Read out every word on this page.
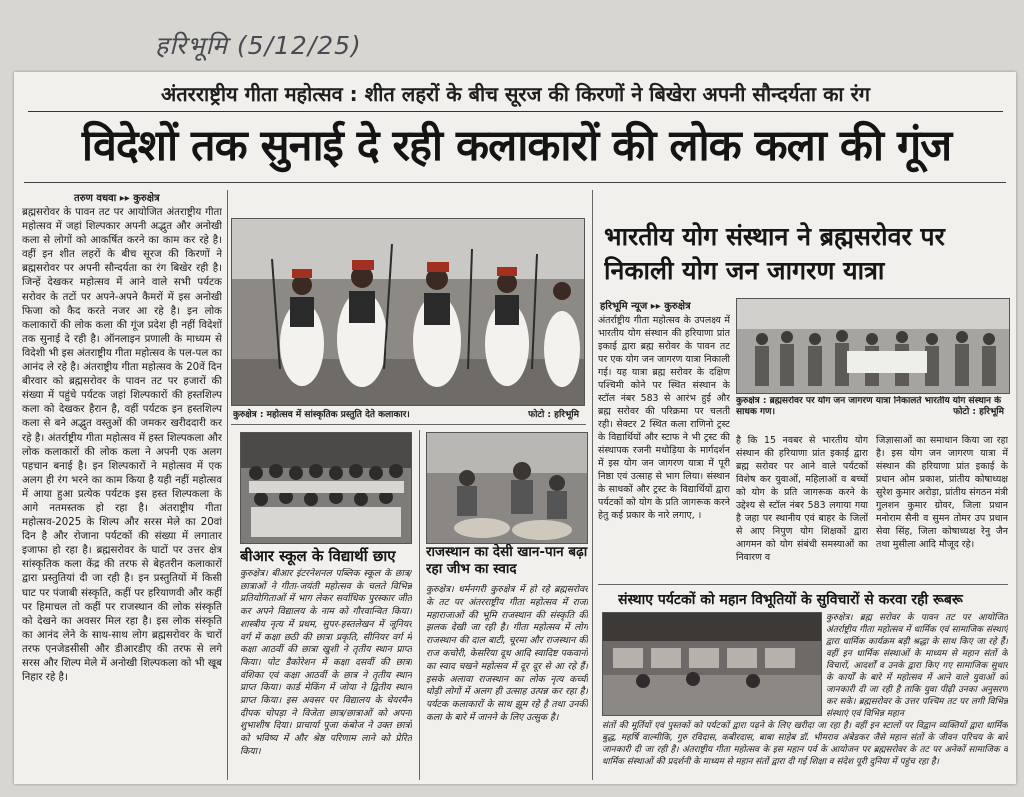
हरिभूमि (5/12/25)
अंतरराष्ट्रीय गीता महोत्सव : शीत लहरों के बीच सूरज की किरणों ने बिखेरा अपनी सौन्दर्यता का रंग
विदेशों तक सुनाई दे रही कलाकारों की लोक कला की गूंज
तरुण वधवा ▸▸ कुरुक्षेत्र
ब्रह्मसरोवर के पावन तट पर आयोजित अंतराष्ट्रीय गीता महोत्सव में जहां शिल्पकार अपनी अद्भुत और अनोखी कला से लोगों को आकर्षित करने का काम कर रहे है। वहीं इन शीत लहरों के बीच सूरज की किरणों ने ब्रह्मसरोवर पर अपनी सौन्दर्यता का रंग बिखेर रही है। जिन्हें देखकर महोत्सव में आने वाले सभी पर्यटक सरोवर के तटों पर अपने-अपने कैमरों में इस अनोखी फिजा को कैद करते नजर आ रहे है। इन लोक कलाकारों की लोक कला की गूंज प्रदेश ही नहीं विदेशों तक सुनाई दे रही है। ऑनलाइन प्रणाली के माध्यम से विदेशी भी इस अंतराष्ट्रीय गीता महोत्सव के पल-पल का आनंद ले रहे है। अंतराष्ट्रीय गीता महोत्सव के 20वें दिन बीरवार को ब्रह्मसरोवर के पावन तट पर हजारों की संख्या में पहुंचे पर्यटक जहां शिल्पकारों की हस्तशिल्प कला को देखकर हैरान है, वहीं पर्यटक इन हस्तशिल्प कला से बने अद्भुत वस्तुओं की जमकर खरीददारी कर रहे है। अंतर्राष्ट्रीय गीता महोत्सव में हस्त शिल्पकला और लोक कलाकारों की लोक कला ने अपनी एक अलग पहचान बनाई है। इन शिल्पकारों ने महोत्सव में एक अलग ही रंग भरने का काम किया है यही नहीं महोत्सव में आया हुआ प्रत्येक पर्यटक इस हस्त शिल्पकला के आगे नतमस्तक हो रहा है। अंतराष्ट्रीय गीता महोत्सव-2025 के शिल्प और सरस मेले का 20वां दिन है और रोजाना पर्यटकों की संख्या में लगातार इजाफा हो रहा है। ब्रह्मसरोवर के घाटों पर उत्तर क्षेत्र सांस्कृतिक कला केंद्र की तरफ से बेहतरीन कलाकारों द्वारा प्रस्तुतियां दी जा रही है। इन प्रस्तुतियों में किसी घाट पर पंजाबी संस्कृति, कहीं पर हरियाणवी और कहीं पर हिमाचल तो कहीं पर राजस्थान की लोक संस्कृति को देखने का अवसर मिल रहा है। इस लोक संस्कृति का आनंद लेने के साथ-साथ लोग ब्रह्मसरोवर के चारों तरफ एनजेडसीसी और डीआरडीए की तरफ से लगे सरस और शिल्प मेले में अनोखी शिल्पकला को भी खूब निहार रहे है।
कुरुक्षेत्र : महोत्सव में सांस्कृतिक प्रस्तुति देते कलाकार।	फोटो : हरिभूमि
बीआर स्कूल के विद्यार्थी छाए
कुरुक्षेत्र। बीआर इंटरनेशनल पब्लिक स्कूल के छात्र/छात्राओं ने गीता-जयंती महोत्सव के चलते विभिन्न प्रतियोगिताओं में भाग लेकर सर्वाधिक पुरस्कार जीत कर अपने विद्यालय के नाम को गौरवान्वित किया। शास्त्रीय नृत्य में प्रथम, सुपर-हस्तलेखन में जूनियर वर्ग में कक्षा छठी की छात्रा प्रकृति, सीनियर वर्ग में कक्षा आठवीं की छात्रा खुशी ने तृतीय स्थान प्राप्त किया। पोट डैकोरेशन में कक्षा दसवीं की छात्रा वंशिका एवं कक्षा आठवीं के छात्र ने तृतीय स्थान प्राप्त किया। कार्ड मेकिंग में जोया ने द्वितीय स्थान प्राप्त किया। इस अवसर पर विद्यालय के चेयरमैन दीपक चोपड़ा ने विजेता छात्र/छात्राओं को अपना शुभाशीष दिया। प्राचार्या पूजा कंबोज ने उक्त छात्रों को भविष्य में और श्रेष्ठ परिणाम लाने को प्रेरित किया।
राजस्थान का देसी खान-पान बढ़ा रहा जीभ का स्वाद
कुरुक्षेत्र। धर्मनगरी कुरुक्षेत्र में हो रहे ब्रह्मसरोवर के तट पर अंतरराष्ट्रीय गीता महोत्सव में राजा महाराजाओं की भूमि राजस्थान की संस्कृति की झलक देखी जा रही है। गीता महोत्सव में लोग राजस्थान की दाल बाटी, चूरमा और राजस्थान की राज कचोरी, केसरिया दूध आदि स्वादिष्ट पकवानों का स्वाद चखने महोत्सव में दूर दूर से आ रहे हैं। इसके अलावा राजस्थान का लोक नृत्य कच्ची घोड़ी लोगों में अलग ही उत्साह उत्पन्न कर रहा है। पर्यटक कलाकारों के साथ झूम रहे है तथा उनकी कला के बारे में जानने के लिए उत्सुक है।
भारतीय योग संस्थान ने ब्रह्मसरोवर पर निकाली योग जन जागरण यात्रा
हरिभूमि न्यूज ▸▸ कुरुक्षेत्र
अंतर्राष्ट्रीय गीता महोत्सव के उपलक्ष्य में भारतीय योग संस्थान की हरियाणा प्रांत इकाई द्वारा ब्रह्म सरोवर के पावन तट पर एक योग जन जागरण यात्रा निकाली गई। यह यात्रा ब्रह्म सरोवर के दक्षिण पश्चिमी कोने पर स्थित संस्थान के स्टॉल नंबर 583 से आरंभ हुई और ब्रह्म सरोवर की परिक्रमा पर चलती रही। सेक्टर 2 स्थित कला राणिनो ट्रस्ट के विद्यार्थियों और स्टाफ ने भी ट्रस्ट की संस्थापक रजनी मधोड़िया के मार्गदर्शन में इस योग जन जागरण यात्रा में पूरी निष्ठा एवं उत्साह से भाग लिया। संस्थान के साधकों और ट्रस्ट के विद्यार्थियों द्वारा पर्यटकों को योग के प्रति जागरूक करने हेतु कई प्रकार के नारे लगाए, ।
कुरुक्षेत्र : ब्रह्मसरोवर पर योग जन जागरण यात्रा निकालते भारतीय योग संस्थान के साधक गण।	फोटो : हरिभूमि
है कि 15 नवबर से भारतीय योग संस्थान की हरियाणा प्रांत इकाई द्वारा ब्रह्म सरोवर पर आने वाले पर्यटकों विशेष कर युवाओं, महिलाओं व बच्चों को योग के प्रति जागरूक करने के उद्देश्य से स्टॉल नंबर 583 लगाया गया है जहा पर स्थानीय एवं बाहर के जिलों से आए निपुण योग शिक्षकों द्वारा आगमन को योग संबंधी समस्याओं का निवारण व
जिज्ञासाओं का समाधान किया जा रहा है। इस योग जन जागरण यात्रा में संस्थान की हरियाणा प्रांत इकाई के प्रधान ओम प्रकाश, प्रांतीय कोषाध्यक्ष सुरेश कुमार अरोड़ा, प्रांतीय संगठन मंत्री गुलशन कुमार ग्रोवर, जिला प्रधान मनोराम सैनी व सुमन तोमर उप प्रधान सेवा सिंह, जिला कोषाध्यक्ष रेनु जैन तथा मुसीला आदि मौजूद रहे।
संस्थाए पर्यटकों को महान विभूतियों के सुविचारों से करवा रही रूबरू
कुरुक्षेत्र। ब्रह्म सरोवर के पावन तट पर आयोजित अंतर्राष्ट्रीय गीता महोत्सव में धार्मिक एवं सामाजिक संस्थाएं द्वारा धार्मिक कार्यक्रम बड़ी श्रद्धा के साथ किए जा रहे हैं। वहीं इन धार्मिक संस्थाओं के माध्यम से महान संतों के विचारों, आदर्शों व उनके द्वारा किए गए सामाजिक सुधार के कार्यों के बारे में महोत्सव में आने वाले युवाओं को जानकारी दी जा रही है ताकि युवा पीढ़ी उनका अनुसरण कर सके। ब्रह्मसरोवर के उत्तर पश्चिम तट पर लगी विभिन्न संस्थाएं एवं विभिन्न महान
संतों की मूर्तियों एवं पुस्तकों को पर्यटकों द्वारा पढ़ने के लिए खरीदा जा रहा है। वहीं इन स्टालों पर विद्वान व्यक्तियों द्वारा धार्मिक बुद्ध, महर्षि वाल्मीकि, गुरु रविदास, कबीरदास, बाबा साहेब डॉ. भीमराव अंबेडकर जैसे महान संतों के जीवन परिचय के बारे जानकारी दी जा रही है। अंतराष्ट्रीय गीता महोत्सव के इस महान पर्व के आयोजन पर ब्रह्मसरोवर के तट पर अनेकों सामाजिक व धार्मिक संस्थाओं की प्रदर्शनी के माध्यम से महान संतों द्वारा दी गई शिक्षा व संदेश पूरी दुनिया में पहुंच रहा है।
